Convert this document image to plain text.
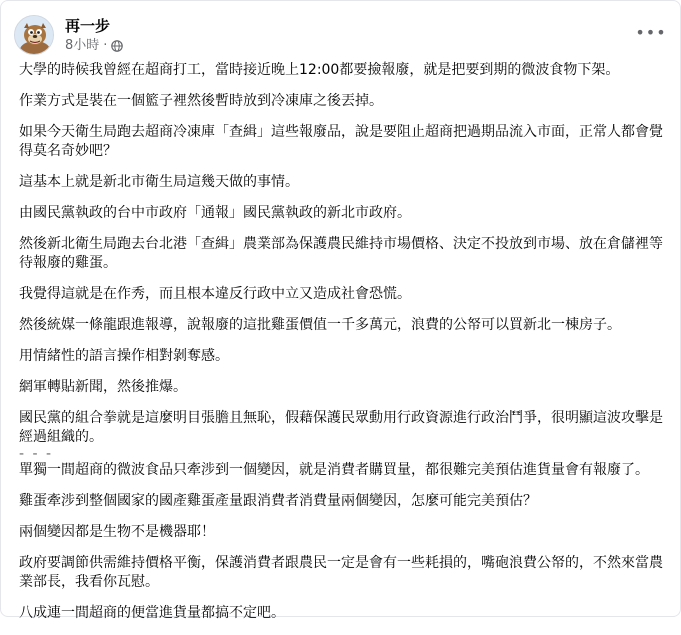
再一步
8小時 ·
•••

大學的時候我曾經在超商打工，當時接近晚上12:00都要撿報廢，就是把要到期的微波食物下架。

作業方式是裝在一個籃子裡然後暫時放到冷凍庫之後丟掉。

如果今天衛生局跑去超商冷凍庫「查緝」這些報廢品，說是要阻止超商把過期品流入市面，正常人都會覺得莫名奇妙吧？

這基本上就是新北市衛生局這幾天做的事情。

由國民黨執政的台中市政府「通報」國民黨執政的新北市政府。

然後新北衛生局跑去台北港「查緝」農業部為保護農民維持市場價格、決定不投放到市場、放在倉儲裡等待報廢的雞蛋。

我覺得這就是在作秀，而且根本違反行政中立又造成社會恐慌。

然後統媒一條龍跟進報導，說報廢的這批雞蛋價值一千多萬元，浪費的公帑可以買新北一棟房子。

用情緒性的語言操作相對剝奪感。

網軍轉貼新聞，然後推爆。

國民黨的組合拳就是這麼明目張膽且無恥，假藉保護民眾動用行政資源進行政治鬥爭，很明顯這波攻擊是經過組織的。

- - -

單獨一間超商的微波食品只牽涉到一個變因，就是消費者購買量，都很難完美預估進貨量會有報廢了。

雞蛋牽涉到整個國家的國產雞蛋產量跟消費者消費量兩個變因，怎麼可能完美預估？

兩個變因都是生物不是機器耶！

政府要調節供需維持價格平衡，保護消費者跟農民一定是會有一些耗損的，嘴砲浪費公帑的，不然來當農業部長，我看你瓦慰。

八成連一間超商的便當進貨量都搞不定吧。
